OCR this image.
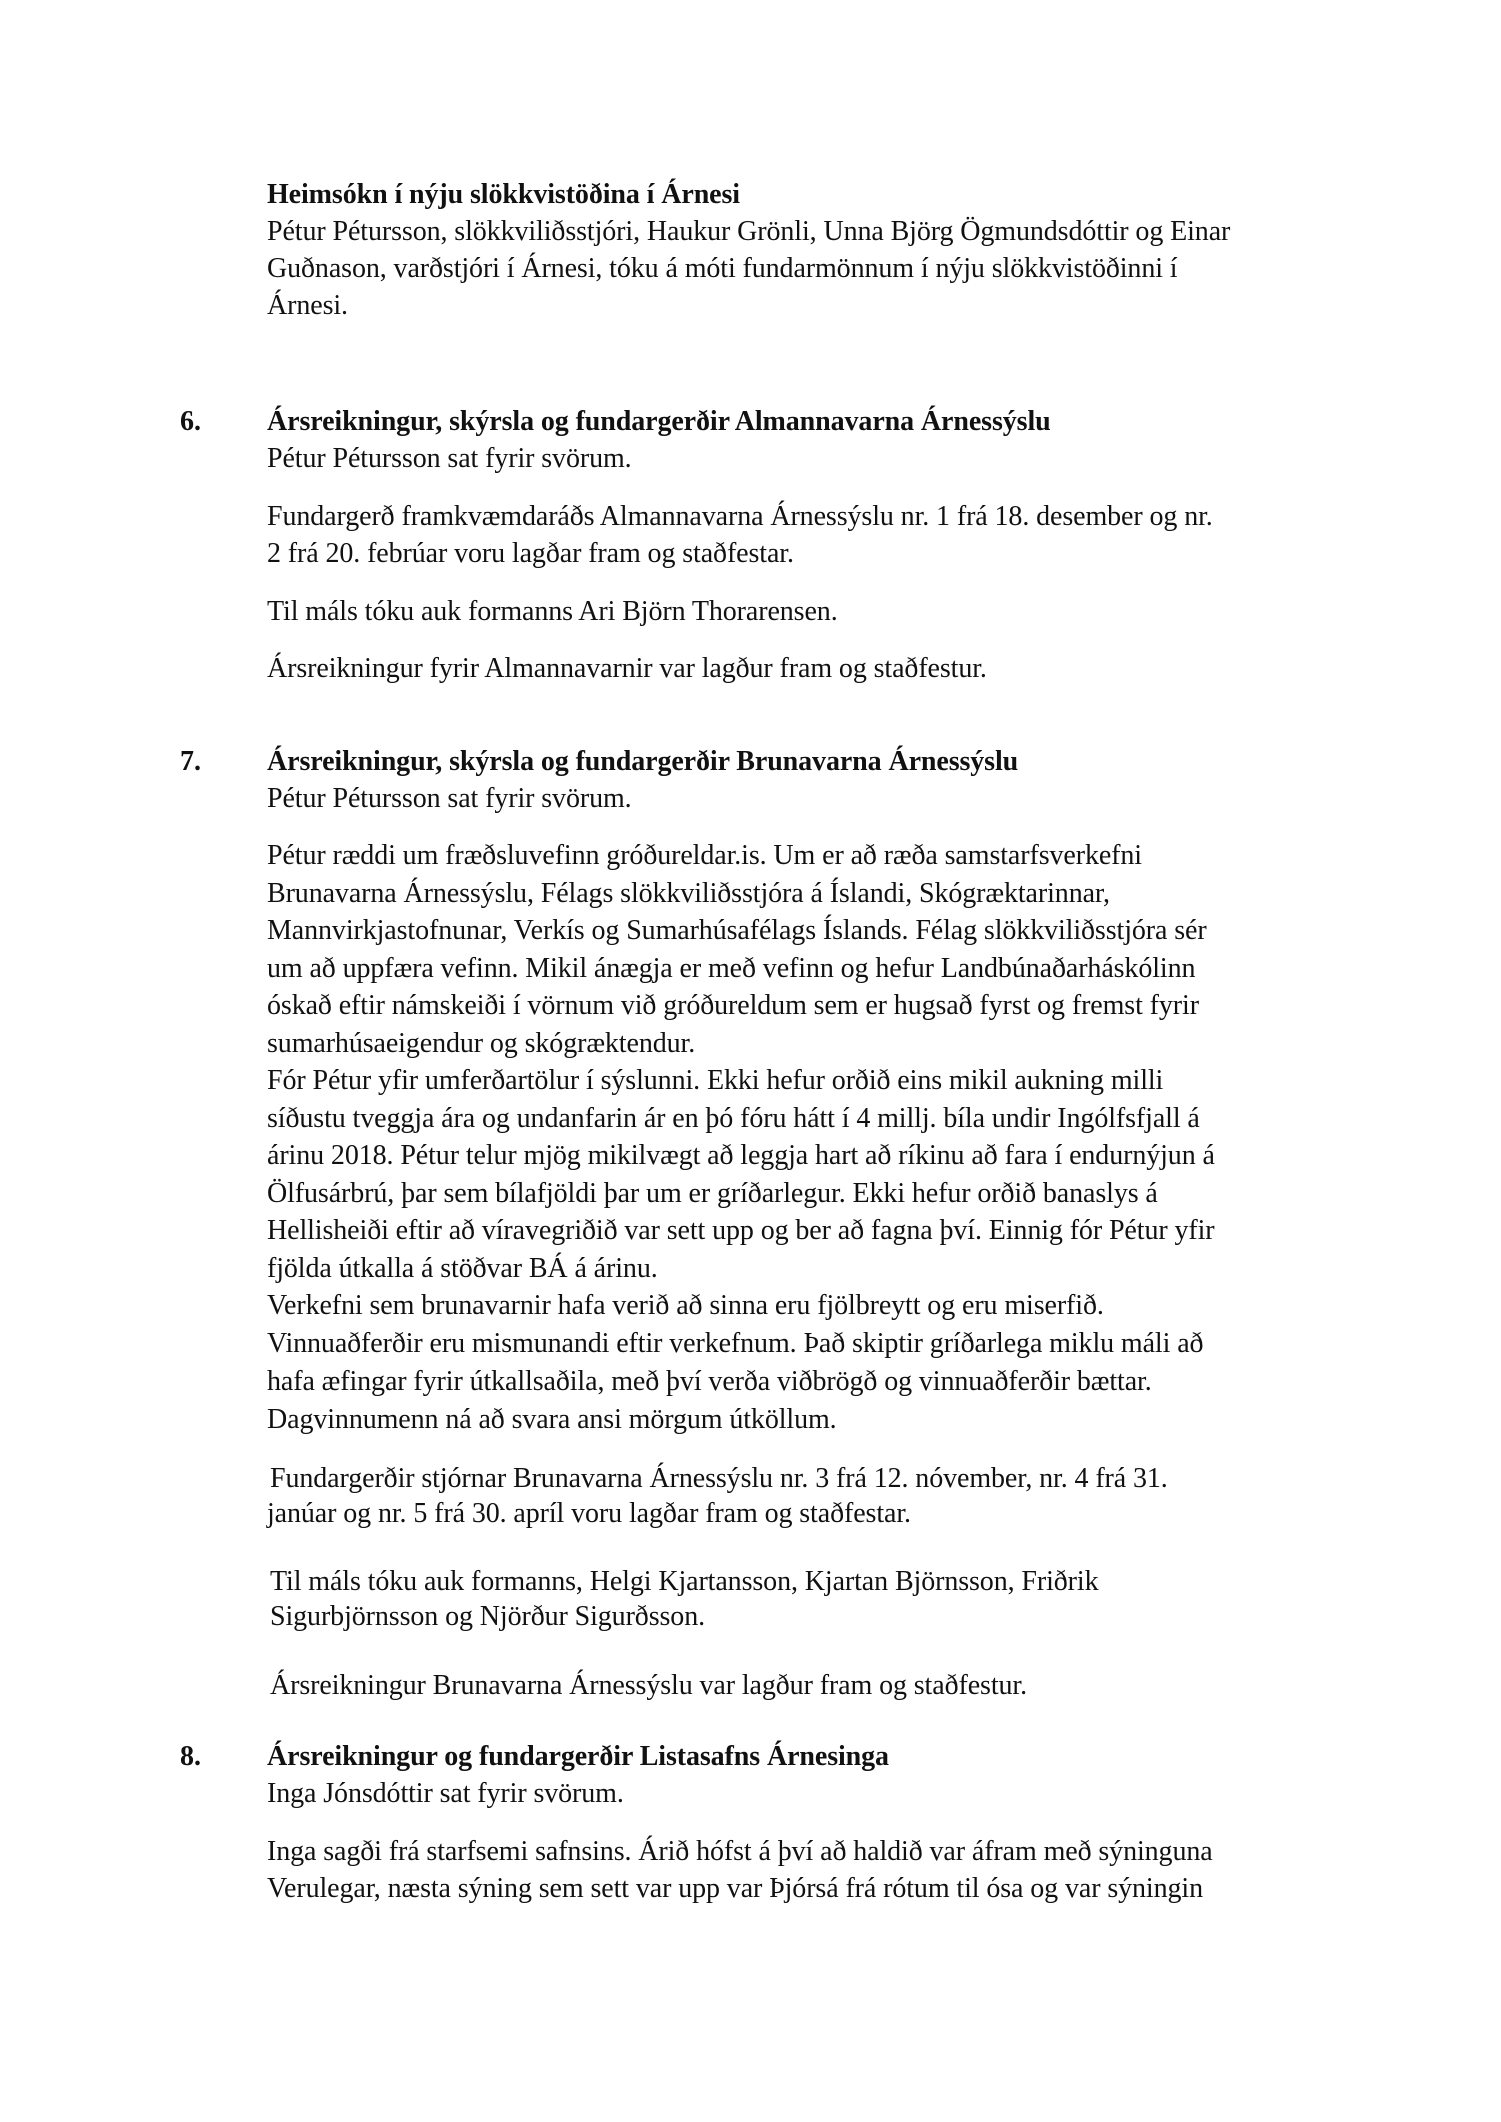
Heimsókn í nýju slökkvistöðina í Árnesi
Pétur Pétursson, slökkviliðsstjóri, Haukur Grönli, Unna Björg Ögmundsdóttir og Einar
Guðnason, varðstjóri í Árnesi, tóku á móti fundarmönnum í nýju slökkvistöðinni í
Árnesi.
6. Ársreikningur, skýrsla og fundargerðir Almannavarna Árnessýslu
Pétur Pétursson sat fyrir svörum.
Fundargerð framkvæmdaráðs Almannavarna Árnessýslu nr. 1 frá 18. desember og nr.
2 frá 20. febrúar voru lagðar fram og staðfestar.
Til máls tóku auk formanns Ari Björn Thorarensen.
Ársreikningur fyrir Almannavarnir var lagður fram og staðfestur.
7. Ársreikningur, skýrsla og fundargerðir Brunavarna Árnessýslu
Pétur Pétursson sat fyrir svörum.
Pétur ræddi um fræðsluvefinn gróðureldar.is. Um er að ræða samstarfsverkefni
Brunavarna Árnessýslu, Félags slökkviliðsstjóra á Íslandi, Skógræktarinnar,
Mannvirkjastofnunar, Verkís og Sumarhúsafélags Íslands. Félag slökkviliðsstjóra sér
um að uppfæra vefinn. Mikil ánægja er með vefinn og hefur Landbúnaðarháskólinn
óskað eftir námskeiði í vörnum við gróðureldum sem er hugsað fyrst og fremst fyrir
sumarhúsaeigendur og skógræktendur.
Fór Pétur yfir umferðartölur í sýslunni. Ekki hefur orðið eins mikil aukning milli
síðustu tveggja ára og undanfarin ár en þó fóru hátt í 4 millj. bíla undir Ingólfsfjall á
árinu 2018. Pétur telur mjög mikilvægt að leggja hart að ríkinu að fara í endurnýjun á
Ölfusárbrú, þar sem bílafjöldi þar um er gríðarlegur. Ekki hefur orðið banaslys á
Hellisheiði eftir að víravegriðið var sett upp og ber að fagna því. Einnig fór Pétur yfir
fjölda útkalla á stöðvar BÁ á árinu.
Verkefni sem brunavarnir hafa verið að sinna eru fjölbreytt og eru miserfið.
Vinnuaðferðir eru mismunandi eftir verkefnum. Það skiptir gríðarlega miklu máli að
hafa æfingar fyrir útkallsaðila, með því verða viðbrögð og vinnuaðferðir bættar.
Dagvinnumenn ná að svara ansi mörgum útköllum.
Fundargerðir stjórnar Brunavarna Árnessýslu nr. 3 frá 12. nóvember, nr. 4 frá 31.
janúar og nr. 5 frá 30. apríl voru lagðar fram og staðfestar.
Til máls tóku auk formanns, Helgi Kjartansson, Kjartan Björnsson, Friðrik
Sigurbjörnsson og Njörður Sigurðsson.
Ársreikningur Brunavarna Árnessýslu var lagður fram og staðfestur.
8. Ársreikningur og fundargerðir Listasafns Árnesinga
Inga Jónsdóttir sat fyrir svörum.
Inga sagði frá starfsemi safnsins. Árið hófst á því að haldið var áfram með sýninguna
Verulegar, næsta sýning sem sett var upp var Þjórsá frá rótum til ósa og var sýningin
